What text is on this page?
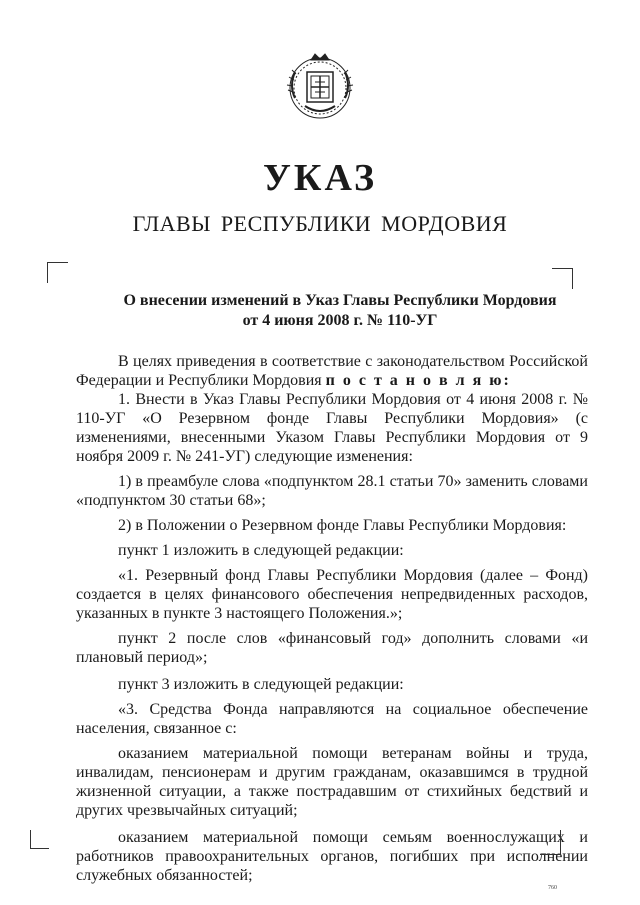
УКАЗ
ГЛАВЫ РЕСПУБЛИКИ МОРДОВИЯ
О внесении изменений в Указ Главы Республики Мордовия
от 4 июня 2008 г. № 110-УГ

В целях приведения в соответствие с законодательством Российской Федерации и Республики Мордовия п о с т а н о в л я ю:

1. Внести в Указ Главы Республики Мордовия от 4 июня 2008 г. № 110-УГ «О Резервном фонде Главы Республики Мордовия» (с изменениями, внесенными Указом Главы Республики Мордовия от 9 ноября 2009 г. № 241-УГ) следующие изменения:

1) в преамбуле слова «подпунктом 28.1 статьи 70» заменить словами «подпунктом 30 статьи 68»;

2) в Положении о Резервном фонде Главы Республики Мордовия:

пункт 1 изложить в следующей редакции:

«1. Резервный фонд Главы Республики Мордовия (далее – Фонд) создается в целях финансового обеспечения непредвиденных расходов, указанных в пункте 3 настоящего Положения.»;

пункт 2 после слов «финансовый год» дополнить словами «и плановый период»;

пункт 3 изложить в следующей редакции:

«3. Средства Фонда направляются на социальное обеспечение населения, связанное с:

оказанием материальной помощи ветеранам войны и труда, инвалидам, пенсионерам и другим гражданам, оказавшимся в трудной жизненной ситуации, а также пострадавшим от стихийных бедствий и других чрезвычайных ситуаций;

оказанием материальной помощи семьям военнослужащих и работников правоохранительных органов, погибших при исполнении служебных обязанностей;

760
